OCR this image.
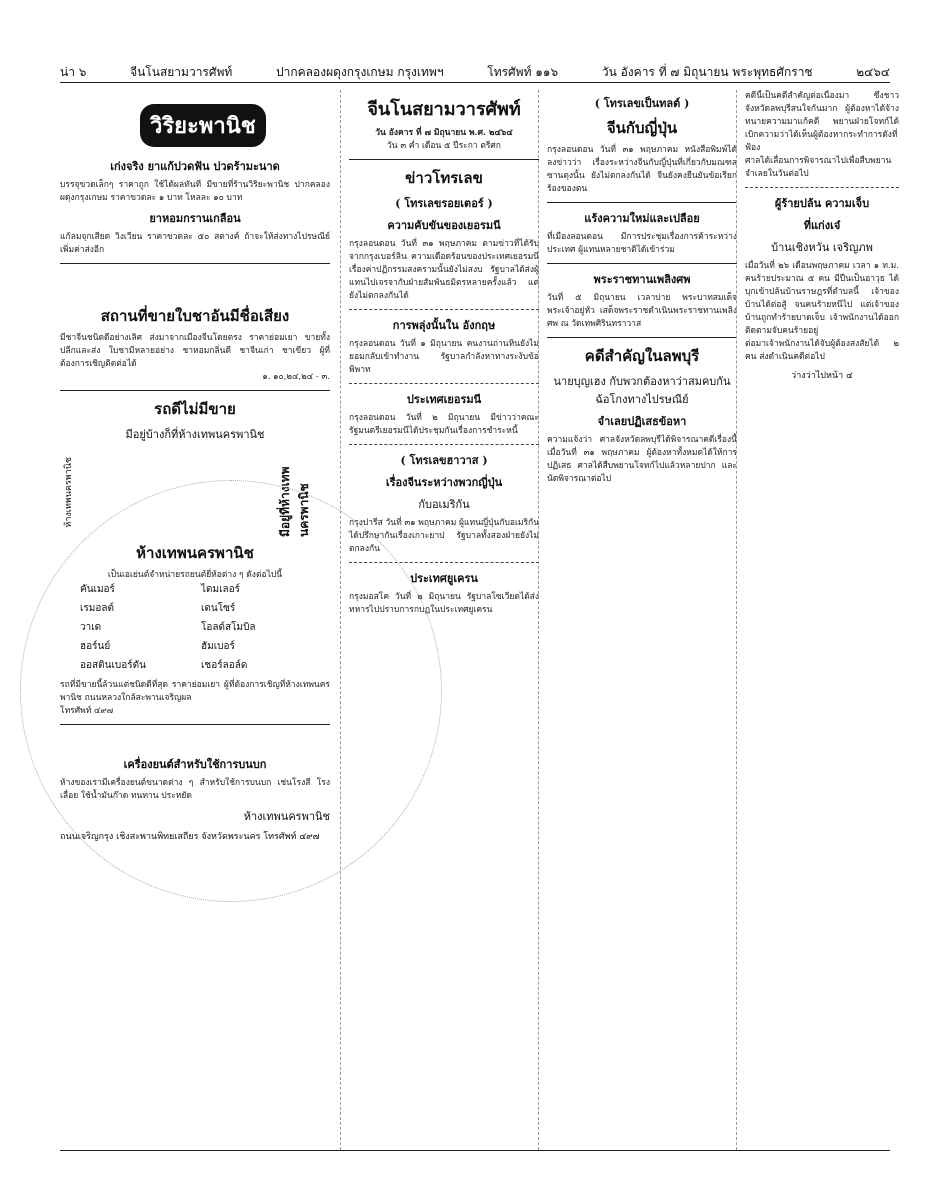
น่า ๖	จีนโนสยามวารศัพท์	ปากคลองผดุงกรุงเกษม กรุงเทพฯ	โทรศัพท์ ๑๑๖	วัน อังคาร ที่ ๗ มิถุนายน พระพุทธศักราช	๒๔๖๔
วิริยะพานิช
เก่งจริง ยาแก้ปวดฟัน ปวดร้ามะนาด
บรรจุขวดเล็กๆ ราคาถูก ใช้ได้ผลทันที มีขายที่ร้านวิริยะพานิช ปากคลองผดุงกรุงเกษม ราคาขวดละ ๑ บาท โหลละ ๑๐ บาท
ยาหอมกรานเกลือน
แก้ลมจุกเสียด วิงเวียน ราคาขวดละ ๕๐ สตางค์ ถ้าจะให้ส่งทางไปรษณีย์ เพิ่มค่าส่งอีก
สถานที่ขายใบชาอันมีชื่อเสียง
มีชาจีนชนิดดีอย่างเลิศ ส่งมาจากเมืองจีนโดยตรง ราคาย่อมเยา ขายทั้งปลีกและส่ง ใบชามีหลายอย่าง ชาหอมกลิ่นดี ชาจีนเก่า ชาเขียว ผู้ที่ต้องการเชิญติดต่อได้
๑. ๑๐,๒๔,๒๔ - ๓.
รถดีไม่มีขาย
มีอยู่บ้างก็ที่ห้างเทพนครพานิช
ห้างเทพนครพานิช	มีอยู่ที่ห้างเทพนครพานิช
ห้างเทพนครพานิช
เป็นเอเย่นต์จำหน่ายรถยนต์ยี่ห้อต่าง ๆ ดังต่อไปนี้
คันเมอร์	ไดมเลอร์
เรมอลต์	เดนโซร์
วาเด	โอลด์สโมบิล
ฮอร์นย์	ฮัมเบอร์
ออสตินเบอร์ตัน	เชอร์ลอล์ด
รถที่มีขายนี้ล้วนแต่ชนิดดีที่สุด ราคาย่อมเยา ผู้ที่ต้องการเชิญที่ห้างเทพนครพานิช ถนนหลวงใกล้สะพานเจริญผล
โทรศัพท์ ๔๙๗
เครื่องยนต์สำหรับใช้การบนบก
ห้างของเรามีเครื่องยนต์ขนาดต่าง ๆ สำหรับใช้การบนบก เช่นโรงสี โรงเลื่อย ใช้น้ำมันก๊าด ทนทาน ประหยัด
ห้างเทพนครพานิช
ถนนเจริญกรุง เชิงสะพานพิทยเสถียร จังหวัดพระนคร โทรศัพท์ ๔๙๗
จีนโนสยามวารศัพท์
วัน อังคาร ที่ ๗ มิถุนายน พ.ศ. ๒๔๖๔
วัน ๓ ค่ำ เดือน ๕ ปีระกา ตรีศก
ข่าวโทรเลข
( โทรเลขรอยเตอร์ )
ความคับขันของเยอรมนี
กรุงลอนดอน วันที่ ๓๑ พฤษภาคม ตามข่าวที่ได้รับจากกรุงเบอร์ลิน ความเดือดร้อนของประเทศเยอรมนีเรื่องค่าปฏิกรรมสงครามนั้นยังไม่สงบ รัฐบาลได้ส่งผู้แทนไปเจรจากับฝ่ายสัมพันธมิตรหลายครั้งแล้ว แต่ยังไม่ตกลงกันได้
การพลุ่งนั้นใน อังกฤษ
กรุงลอนดอน วันที่ ๑ มิถุนายน คนงานถ่านหินยังไม่ยอมกลับเข้าทำงาน รัฐบาลกำลังหาทางระงับข้อพิพาท
ประเทศเยอรมนี
กรุงลอนดอน วันที่ ๒ มิถุนายน มีข่าวว่าคณะรัฐมนตรีเยอรมนีได้ประชุมกันเรื่องการชำระหนี้
( โทรเลขฮาวาส )
เรื่องจีนระหว่างพวกญี่ปุ่น
กับอเมริกัน
กรุงปารีส วันที่ ๓๑ พฤษภาคม ผู้แทนญี่ปุ่นกับอเมริกันได้ปรึกษากันเรื่องเกาะยาป รัฐบาลทั้งสองฝ่ายยังไม่ตกลงกัน
ประเทศยูเครน
กรุงมอสโค วันที่ ๒ มิถุนายน รัฐบาลโซเวียตได้ส่งทหารไปปราบการกบฏในประเทศยูเครน
( โทรเลขเป็นทลต์ )
จีนกับญี่ปุ่น
กรุงลอนดอน วันที่ ๓๑ พฤษภาคม หนังสือพิมพ์ได้ลงข่าวว่า เรื่องระหว่างจีนกับญี่ปุ่นที่เกี่ยวกับมณฑลซานตุงนั้น ยังไม่ตกลงกันได้ จีนยังคงยืนยันข้อเรียกร้องของตน
แร้งความใหม่และเปลือย
ที่เมืองลอนดอน มีการประชุมเรื่องการค้าระหว่างประเทศ ผู้แทนหลายชาติได้เข้าร่วม
พระราชทานเพลิงศพ
วันที่ ๕ มิถุนายน เวลาบ่าย พระบาทสมเด็จพระเจ้าอยู่หัว เสด็จพระราชดำเนินพระราชทานเพลิงศพ ณ วัดเทพศิรินทราวาส
คดีสำคัญในลพบุรี
นายบุญเฮง กับพวกต้องหาว่าสมคบกันฉ้อโกงทางไปรษณีย์
จำเลยปฏิเสธข้อหา
ความแจ้งว่า ศาลจังหวัดลพบุรีได้พิจารณาคดีเรื่องนี้เมื่อวันที่ ๓๑ พฤษภาคม ผู้ต้องหาทั้งหมดได้ให้การปฏิเสธ ศาลได้สืบพยานโจทก์ไปแล้วหลายปาก และนัดพิจารณาต่อไป
คดีนี้เป็นคดีสำคัญต่อเนื่องมา ซึ่งชาวจังหวัดลพบุรีสนใจกันมาก ผู้ต้องหาได้จ้างทนายความมาแก้คดี พยานฝ่ายโจทก์ได้เบิกความว่าได้เห็นผู้ต้องหากระทำการดังที่ฟ้อง
ศาลได้เลื่อนการพิจารณาไปเพื่อสืบพยานจำเลยในวันต่อไป
ผู้ร้ายปล้น ความเจ็บ
ที่แก่งเจ๋
บ้านเชิงหวัน เจริญภพ
เมื่อวันที่ ๒๖ เดือนพฤษภาคม เวลา ๑ ท.ม. คนร้ายประมาณ ๕ คน มีปืนเป็นอาวุธ ได้บุกเข้าปล้นบ้านราษฎรที่ตำบลนี้ เจ้าของบ้านได้ต่อสู้ จนคนร้ายหนีไป แต่เจ้าของบ้านถูกทำร้ายบาดเจ็บ เจ้าพนักงานได้ออกติดตามจับคนร้ายอยู่
ต่อมาเจ้าพนักงานได้จับผู้ต้องสงสัยได้ ๒ คน ส่งดำเนินคดีต่อไป
ว่างว่าไปหน้า ๔
